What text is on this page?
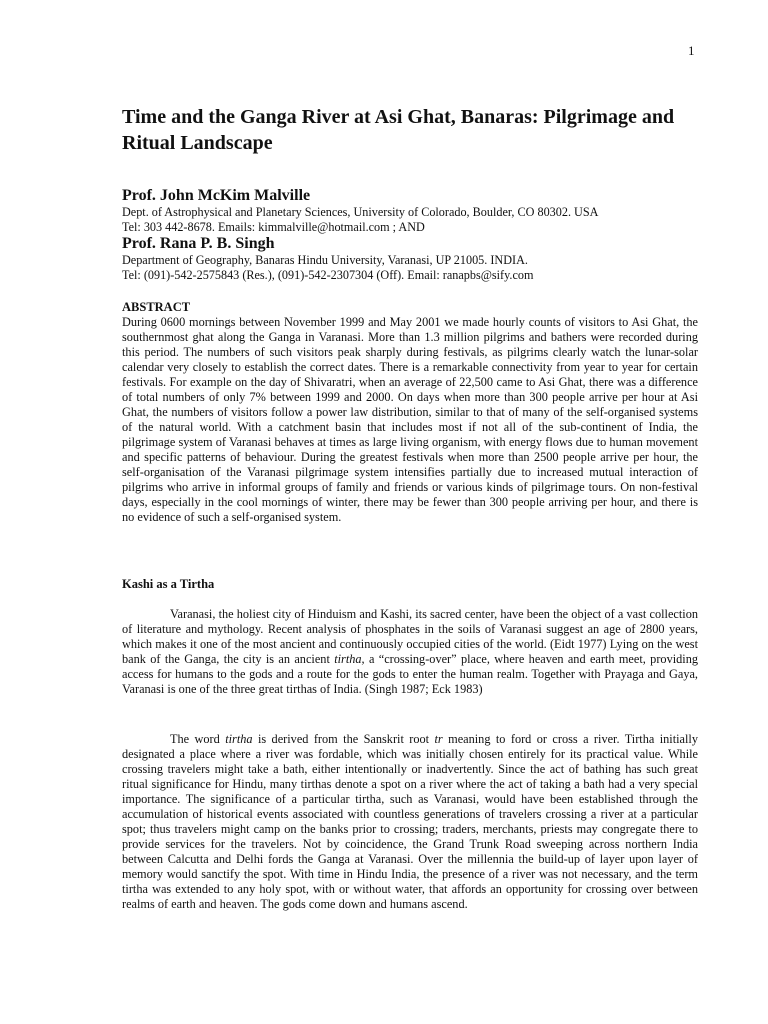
1
Time and the Ganga River at Asi Ghat, Banaras: Pilgrimage and Ritual Landscape

Prof. John McKim Malville

Dept. of Astrophysical and Planetary Sciences, University of Colorado, Boulder, CO 80302. USA

Tel: 303 442-8678. Emails: kimmalville@hotmail.com ; AND

Prof. Rana P. B. Singh

Department of Geography, Banaras Hindu University, Varanasi, UP 21005. INDIA.

Tel: (091)-542-2575843 (Res.), (091)-542-2307304 (Off). Email: ranapbs@sify.com

ABSTRACT

During 0600 mornings between November 1999 and May 2001 we made hourly counts of visitors to Asi Ghat, the southernmost ghat along the Ganga in Varanasi. More than 1.3 million pilgrims and bathers were recorded during this period. The numbers of such visitors peak sharply during festivals, as pilgrims clearly watch the lunar-solar calendar very closely to establish the correct dates. There is a remarkable connectivity from year to year for certain festivals. For example on the day of Shivaratri, when an average of 22,500 came to Asi Ghat, there was a difference of total numbers of only 7% between 1999 and 2000. On days when more than 300 people arrive per hour at Asi Ghat, the numbers of visitors follow a power law distribution, similar to that of many of the self-organised systems of the natural world. With a catchment basin that includes most if not all of the sub-continent of India, the pilgrimage system of Varanasi behaves at times as large living organism, with energy flows due to human movement and specific patterns of behaviour. During the greatest festivals when more than 2500 people arrive per hour, the self-organisation of the Varanasi pilgrimage system intensifies partially due to increased mutual interaction of pilgrims who arrive in informal groups of family and friends or various kinds of pilgrimage tours. On non-festival days, especially in the cool mornings of winter, there may be fewer than 300 people arriving per hour, and there is no evidence of such a self-organised system.

Kashi as a Tirtha

Varanasi, the holiest city of Hinduism and Kashi, its sacred center, have been the object of a vast collection of literature and mythology. Recent analysis of phosphates in the soils of Varanasi suggest an age of 2800 years, which makes it one of the most ancient and continuously occupied cities of the world. (Eidt 1977) Lying on the west bank of the Ganga, the city is an ancient tirtha, a “crossing-over” place, where heaven and earth meet, providing access for humans to the gods and a route for the gods to enter the human realm. Together with Prayaga and Gaya, Varanasi is one of the three great tirthas of India. (Singh 1987; Eck 1983)

The word tirtha is derived from the Sanskrit root tr meaning to ford or cross a river. Tirtha initially designated a place where a river was fordable, which was initially chosen entirely for its practical value. While crossing travelers might take a bath, either intentionally or inadvertently. Since the act of bathing has such great ritual significance for Hindu, many tirthas denote a spot on a river where the act of taking a bath had a very special importance. The significance of a particular tirtha, such as Varanasi, would have been established through the accumulation of historical events associated with countless generations of travelers crossing a river at a particular spot; thus travelers might camp on the banks prior to crossing; traders, merchants, priests may congregate there to provide services for the travelers. Not by coincidence, the Grand Trunk Road sweeping across northern India between Calcutta and Delhi fords the Ganga at Varanasi. Over the millennia the build-up of layer upon layer of memory would sanctify the spot. With time in Hindu India, the presence of a river was not necessary, and the term tirtha was extended to any holy spot, with or without water, that affords an opportunity for crossing over between realms of earth and heaven. The gods come down and humans ascend.
